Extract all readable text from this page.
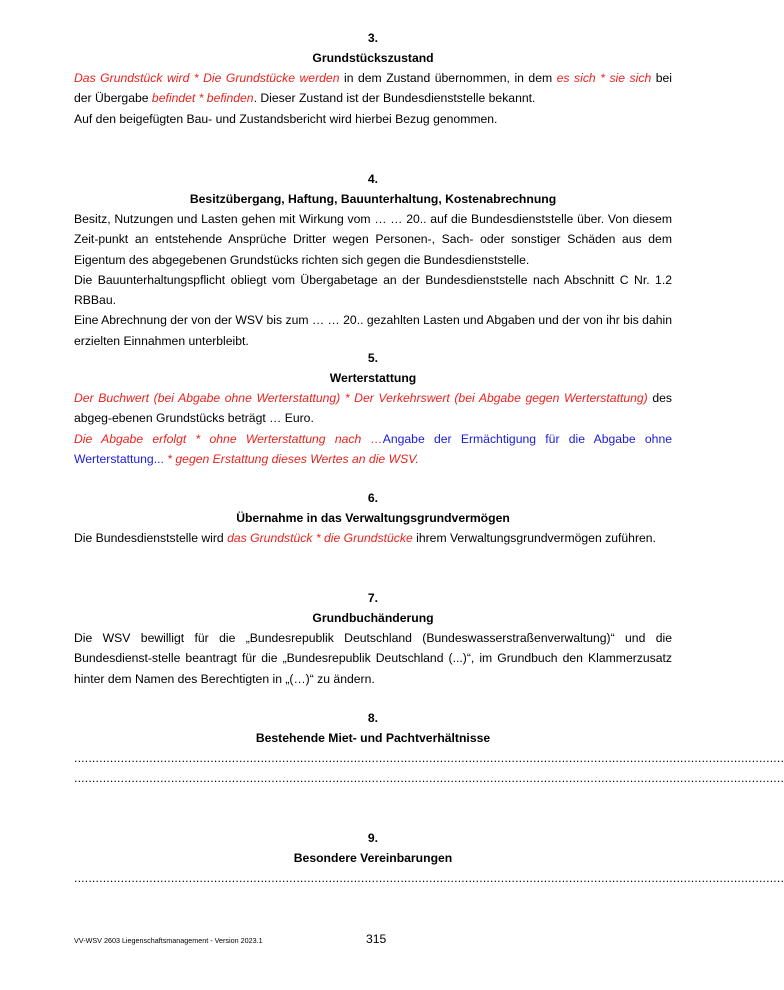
3.
Grundstückszustand

Das Grundstück wird * Die Grundstücke werden in dem Zustand übernommen, in dem es sich * sie sich bei der Übergabe befindet * befinden. Dieser Zustand ist der Bundesdienststelle bekannt.

Auf den beigefügten Bau- und Zustandsbericht wird hierbei Bezug genommen.

4.
Besitzübergang, Haftung, Bauunterhaltung, Kostenabrechnung

Besitz, Nutzungen und Lasten gehen mit Wirkung vom … … 20.. auf die Bundesdienststelle über. Von diesem Zeit-punkt an entstehende Ansprüche Dritter wegen Personen-, Sach- oder sonstiger Schäden aus dem Eigentum des abgegebenen Grundstücks richten sich gegen die Bundesdienststelle.

Die Bauunterhaltungspflicht obliegt vom Übergabetage an der Bundesdienststelle nach Abschnitt C Nr. 1.2 RBBau.

Eine Abrechnung der von der WSV bis zum … … 20.. gezahlten Lasten und Abgaben und der von ihr bis dahin erzielten Einnahmen unterbleibt.

5.
Werterstattung

Der Buchwert (bei Abgabe ohne Werterstattung) * Der Verkehrswert (bei Abgabe gegen Werterstattung) des abgeg-ebenen Grundstücks beträgt … Euro.

Die Abgabe erfolgt * ohne Werterstattung nach …Angabe der Ermächtigung für die Abgabe ohne Werterstattung... * gegen Erstattung dieses Wertes an die WSV.

6.
Übernahme in das Verwaltungsgrundvermögen

Die Bundesdienststelle wird das Grundstück * die Grundstücke ihrem Verwaltungsgrundvermögen zuführen.

7.
Grundbuchänderung

Die WSV bewilligt für die „Bundesrepublik Deutschland (Bundeswasserstraßenverwaltung)“ und die Bundesdienst-stelle beantragt für die „Bundesrepublik Deutschland (...)“, im Grundbuch den Klammerzusatz hinter dem Namen des Berechtigten in „(…)“ zu ändern.

8.
Bestehende Miet- und Pachtverhältnisse
......................................................................................................................................................................................................
......................................................................................................................................................................................................
9.
Besondere Vereinbarungen
......................................................................................................................................................................................................
VV-WSV 2603 Liegenschaftsmanagement - Version 2023.1	315
